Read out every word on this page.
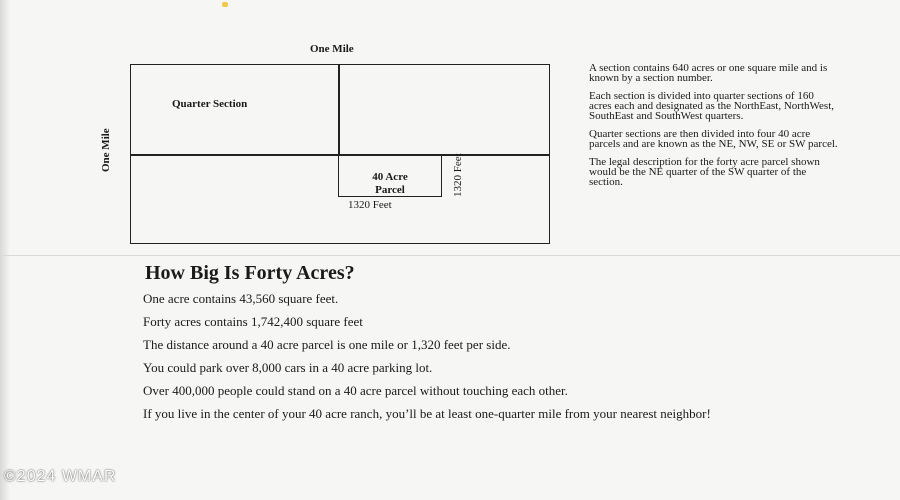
One Mile
One Mile
Quarter Section
40 Acre
Parcel	1320 Feet
1320 Feet

A section contains 640 acres or one square mile and is known by a section number.

Each section is divided into quarter sections of 160 acres each and designated as the NorthEast, NorthWest, SouthEast and SouthWest quarters.

Quarter sections are then divided into four 40 acre parcels and are known as the NE, NW, SE or SW parcel.

The legal description for the forty acre parcel shown would be the NE quarter of the SW quarter of the section.

How Big Is Forty Acres?

One acre contains 43,560 square feet.

Forty acres contains 1,742,400 square feet

The distance around a 40 acre parcel is one mile or 1,320 feet per side.

You could park over 8,000 cars in a 40 acre parking lot.

Over 400,000 people could stand on a 40 acre parcel without touching each other.

If you live in the center of your 40 acre ranch, you’ll be at least one-quarter mile from your nearest neighbor!

©2024 WMAR
